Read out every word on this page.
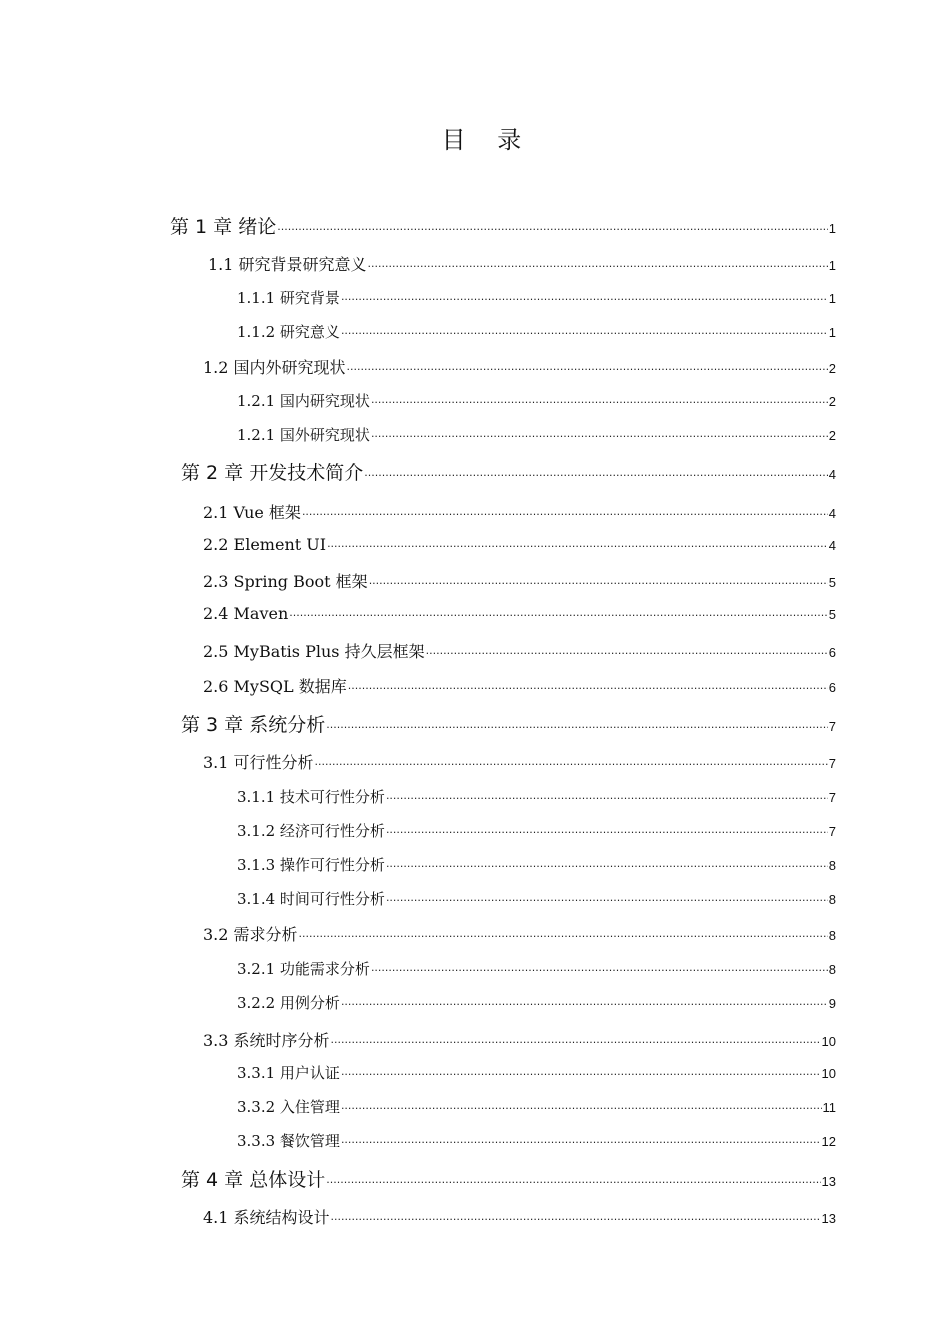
目 录
第 1 章 绪论 .....	1
1.1 研究背景研究意义 .....	1
1.1.1 研究背景 .....	1
1.1.2 研究意义 .....	1
1.2 国内外研究现状 .....	2
1.2.1 国内研究现状 .....	2
1.2.1 国外研究现状 .....	2
第 2 章 开发技术简介 .....	4
2.1 Vue 框架 .....	4
2.2 Element UI .....	4
2.3 Spring Boot 框架 .....	5
2.4 Maven .....	5
2.5 MyBatis Plus 持久层框架 .....	6
2.6 MySQL 数据库 .....	6
第 3 章 系统分析 .....	7
3.1 可行性分析 .....	7
3.1.1 技术可行性分析 .....	7
3.1.2 经济可行性分析 .....	7
3.1.3 操作可行性分析 .....	8
3.1.4 时间可行性分析 .....	8
3.2 需求分析 .....	8
3.2.1 功能需求分析 .....	8
3.2.2 用例分析 .....	9
3.3 系统时序分析 .....	10
3.3.1 用户认证 .....	10
3.3.2 入住管理 .....	11
3.3.3 餐饮管理 .....	12
第 4 章 总体设计 .....	13
4.1 系统结构设计 .....	13
